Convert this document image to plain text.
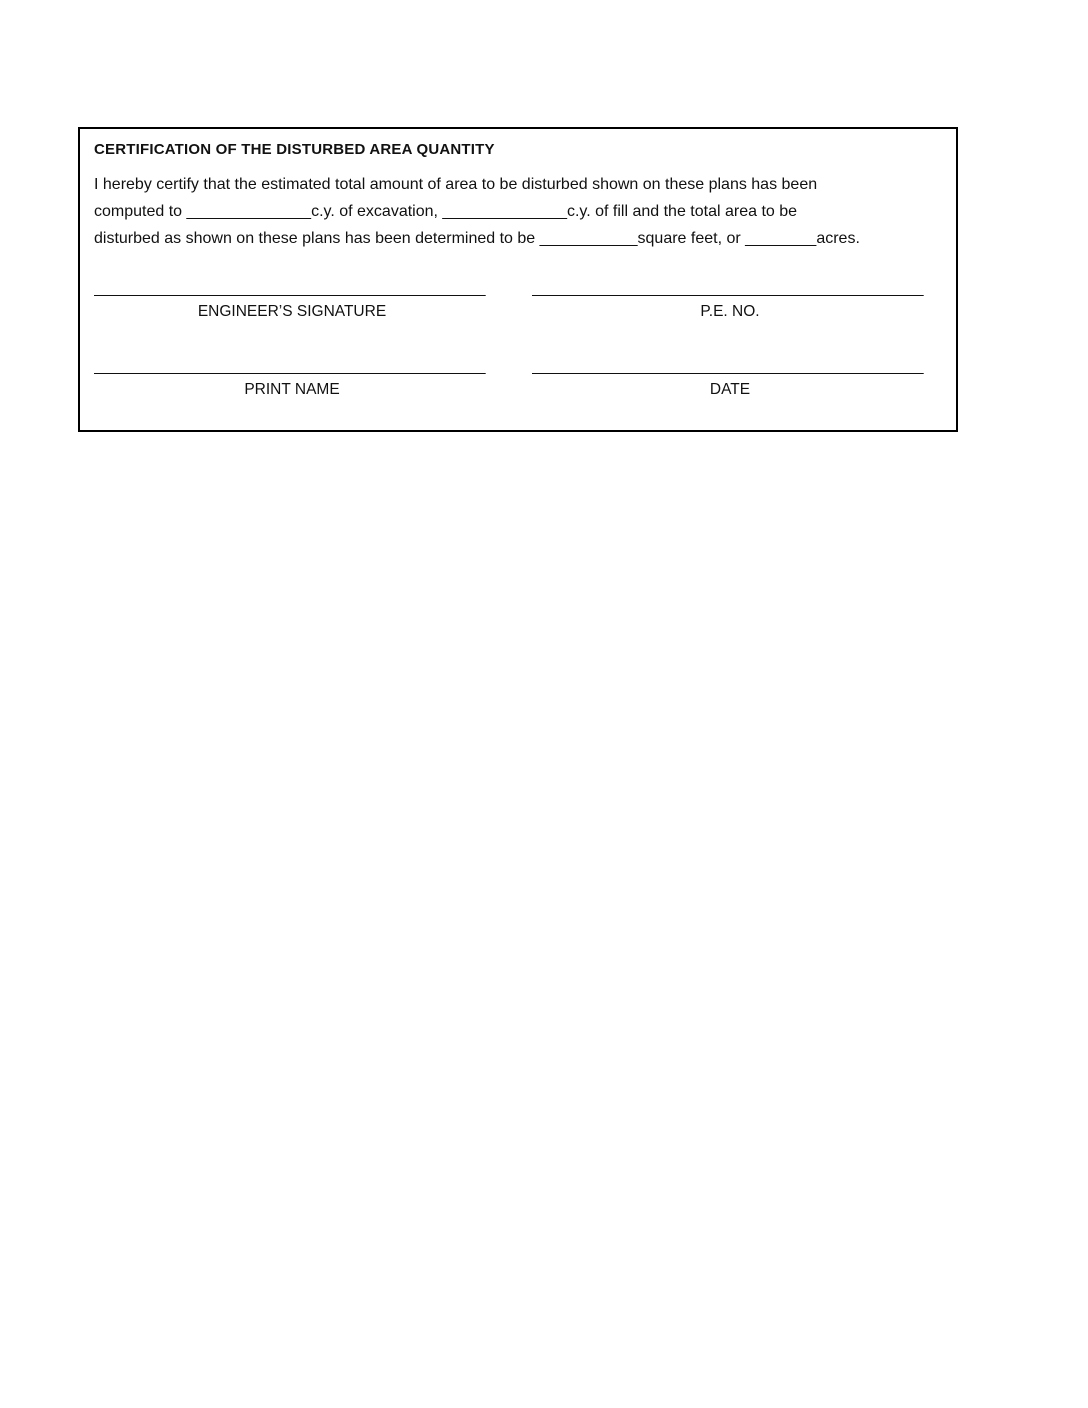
CERTIFICATION OF THE DISTURBED AREA QUANTITY
I hereby certify that the estimated total amount of area to be disturbed shown on these plans has been
computed to ______________c.y. of excavation, ______________c.y. of fill and the total area to be
disturbed as shown on these plans has been determined to be ___________square feet, or ________acres.
____________________________________________
ENGINEER’S SIGNATURE
____________________________________________
P.E. NO.
____________________________________________
PRINT NAME
____________________________________________
DATE
